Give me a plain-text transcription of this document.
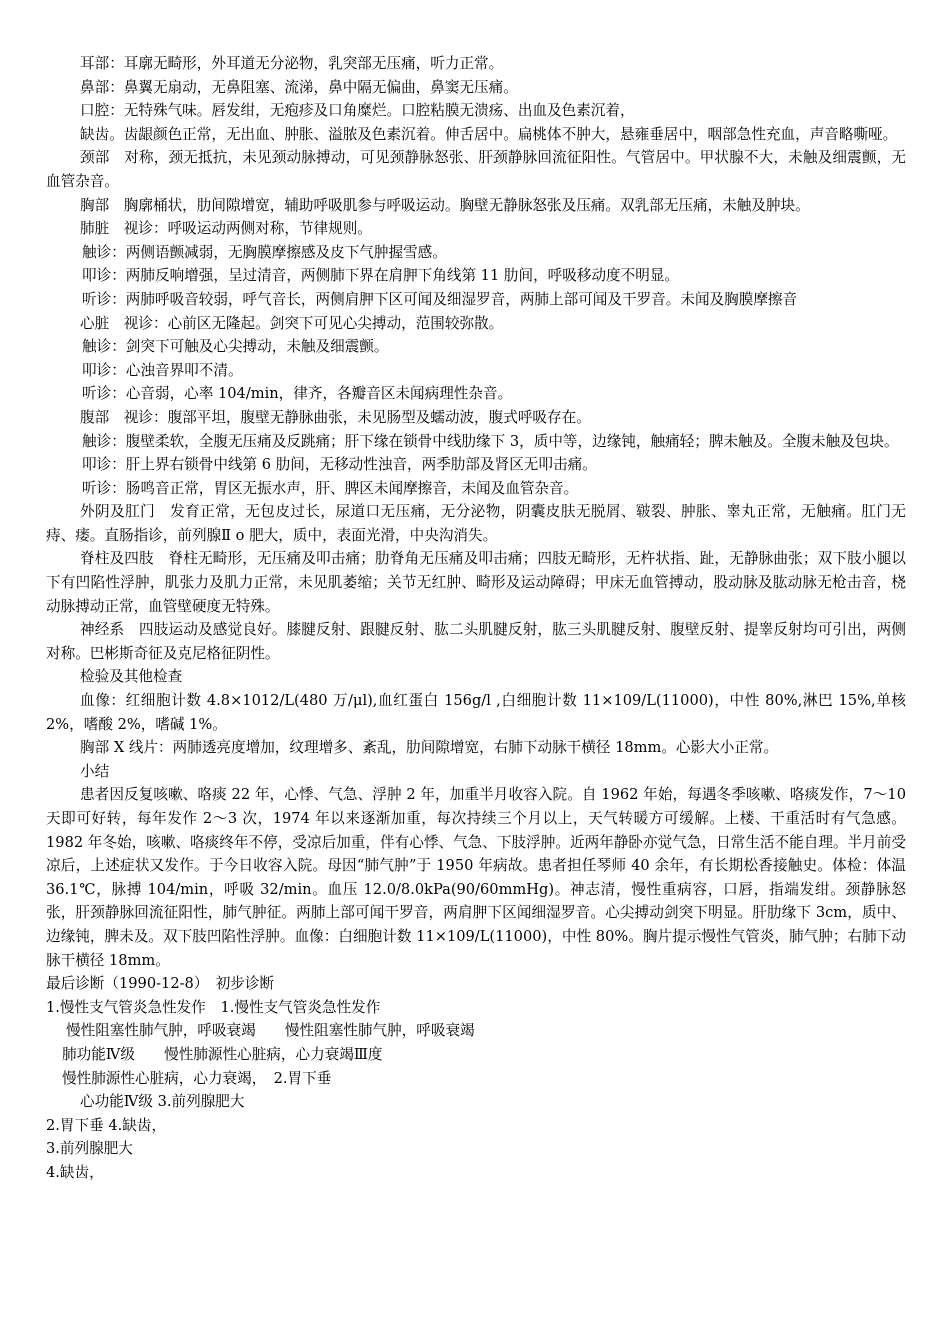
耳部：耳廓无畸形，外耳道无分泌物，乳突部无压痛，听力正常。

鼻部：鼻翼无扇动，无鼻阻塞、流涕，鼻中隔无偏曲，鼻窦无压痛。

口腔：无特殊气味。唇发绀，无疱疹及口角糜烂。口腔粘膜无溃疡、出血及色素沉着，

缺齿。齿龈颜色正常，无出血、肿胀、溢脓及色素沉着。伸舌居中。扁桃体不肿大，悬雍垂居中，咽部急性充血，声音略嘶哑。

颈部　对称，颈无抵抗，未见颈动脉搏动，可见颈静脉怒张、肝颈静脉回流征阳性。气管居中。甲状腺不大，未触及细震颤，无血管杂音。

胸部　胸廓桶状，肋间隙增宽，辅助呼吸肌参与呼吸运动。胸壁无静脉怒张及压痛。双乳部无压痛，未触及肿块。

肺脏　视诊：呼吸运动两侧对称，节律规则。

触诊：两侧语颤减弱，无胸膜摩擦感及皮下气肿握雪感。

叩诊：两肺反响增强，呈过清音，两侧肺下界在肩胛下角线第 11 肋间，呼吸移动度不明显。

听诊：两肺呼吸音较弱，呼气音长，两侧肩胛下区可闻及细湿罗音，两肺上部可闻及干罗音。未闻及胸膜摩擦音

心脏　视诊：心前区无隆起。剑突下可见心尖搏动，范围较弥散。

触诊：剑突下可触及心尖搏动，未触及细震颤。

叩诊：心浊音界叩不清。

听诊：心音弱，心率 104/min，律齐，各瓣音区未闻病理性杂音。

腹部　视诊：腹部平坦，腹壁无静脉曲张，未见肠型及蠕动波，腹式呼吸存在。

触诊：腹壁柔软，全腹无压痛及反跳痛；肝下缘在锁骨中线肋缘下 3，质中等，边缘钝，触痛轻；脾未触及。全腹未触及包块。

叩诊：肝上界右锁骨中线第 6 肋间，无移动性浊音，两季肋部及肾区无叩击痛。

听诊：肠鸣音正常，胃区无振水声，肝、脾区未闻摩擦音，未闻及血管杂音。

外阴及肛门　发育正常，无包皮过长，尿道口无压痛，无分泌物，阴囊皮肤无脱屑、皲裂、肿胀、睾丸正常，无触痛。肛门无痔、瘘。直肠指诊，前列腺Ⅱ o 肥大，质中，表面光滑，中央沟消失。

脊柱及四肢　脊柱无畸形，无压痛及叩击痛；肋脊角无压痛及叩击痛；四肢无畸形，无杵状指、趾，无静脉曲张；双下肢小腿以下有凹陷性浮肿，肌张力及肌力正常，未见肌萎缩；关节无红肿、畸形及运动障碍；甲床无血管搏动，股动脉及肱动脉无枪击音，桡动脉搏动正常，血管壁硬度无特殊。

神经系　四肢运动及感觉良好。膝腱反射、跟腱反射、肱二头肌腱反射，肱三头肌腱反射、腹壁反射、提睾反射均可引出，两侧对称。巴彬斯奇征及克尼格征阴性。

检验及其他检查

血像：红细胞计数 4.8×1012/L(480 万/μl),血红蛋白 156g/l ,白细胞计数 11×109/L(11000)，中性 80%,淋巴 15%,单核 2%，嗜酸 2%，嗜碱 1%。

胸部 X 线片：两肺透亮度增加，纹理增多、紊乱，肋间隙增宽，右肺下动脉干横径 18mm。心影大小正常。

小结

患者因反复咳嗽、咯痰 22 年，心悸、气急、浮肿 2 年，加重半月收容入院。自 1962 年始，每遇冬季咳嗽、咯痰发作，7～10 天即可好转，每年发作 2～3 次，1974 年以来逐渐加重，每次持续三个月以上，天气转暖方可缓解。上楼、干重活时有气急感。1982 年冬始，咳嗽、咯痰终年不停，受凉后加重，伴有心悸、气急、下肢浮肿。近两年静卧亦觉气急，日常生活不能自理。半月前受凉后，上述症状又发作。于今日收容入院。母因“肺气肿”于 1950 年病故。患者担任琴师 40 余年，有长期松香接触史。体检：体温 36.1℃，脉搏 104/min，呼吸 32/min。血压 12.0/8.0kPa(90/60mmHg)。神志清，慢性重病容，口唇，指端发绀。颈静脉怒张，肝颈静脉回流征阳性，肺气肿征。两肺上部可闻干罗音，两肩胛下区闻细湿罗音。心尖搏动剑突下明显。肝肋缘下 3cm，质中、边缘钝，脾未及。双下肢凹陷性浮肿。血像：白细胞计数 11×109/L(11000)，中性 80%。胸片提示慢性气管炎，肺气肿；右肺下动脉干横径 18mm。

最后诊断（1990-12-8）　初步诊断

1.慢性支气管炎急性发作　1.慢性支气管炎急性发作

慢性阻塞性肺气肿，呼吸衰竭　　慢性阻塞性肺气肿，呼吸衰竭

肺功能Ⅳ级　　慢性肺源性心脏病，心力衰竭Ⅲ度

慢性肺源性心脏病，心力衰竭，　2.胃下垂

心功能Ⅳ级 3.前列腺肥大

2.胃下垂 4.缺齿，

3.前列腺肥大

4.缺齿，
